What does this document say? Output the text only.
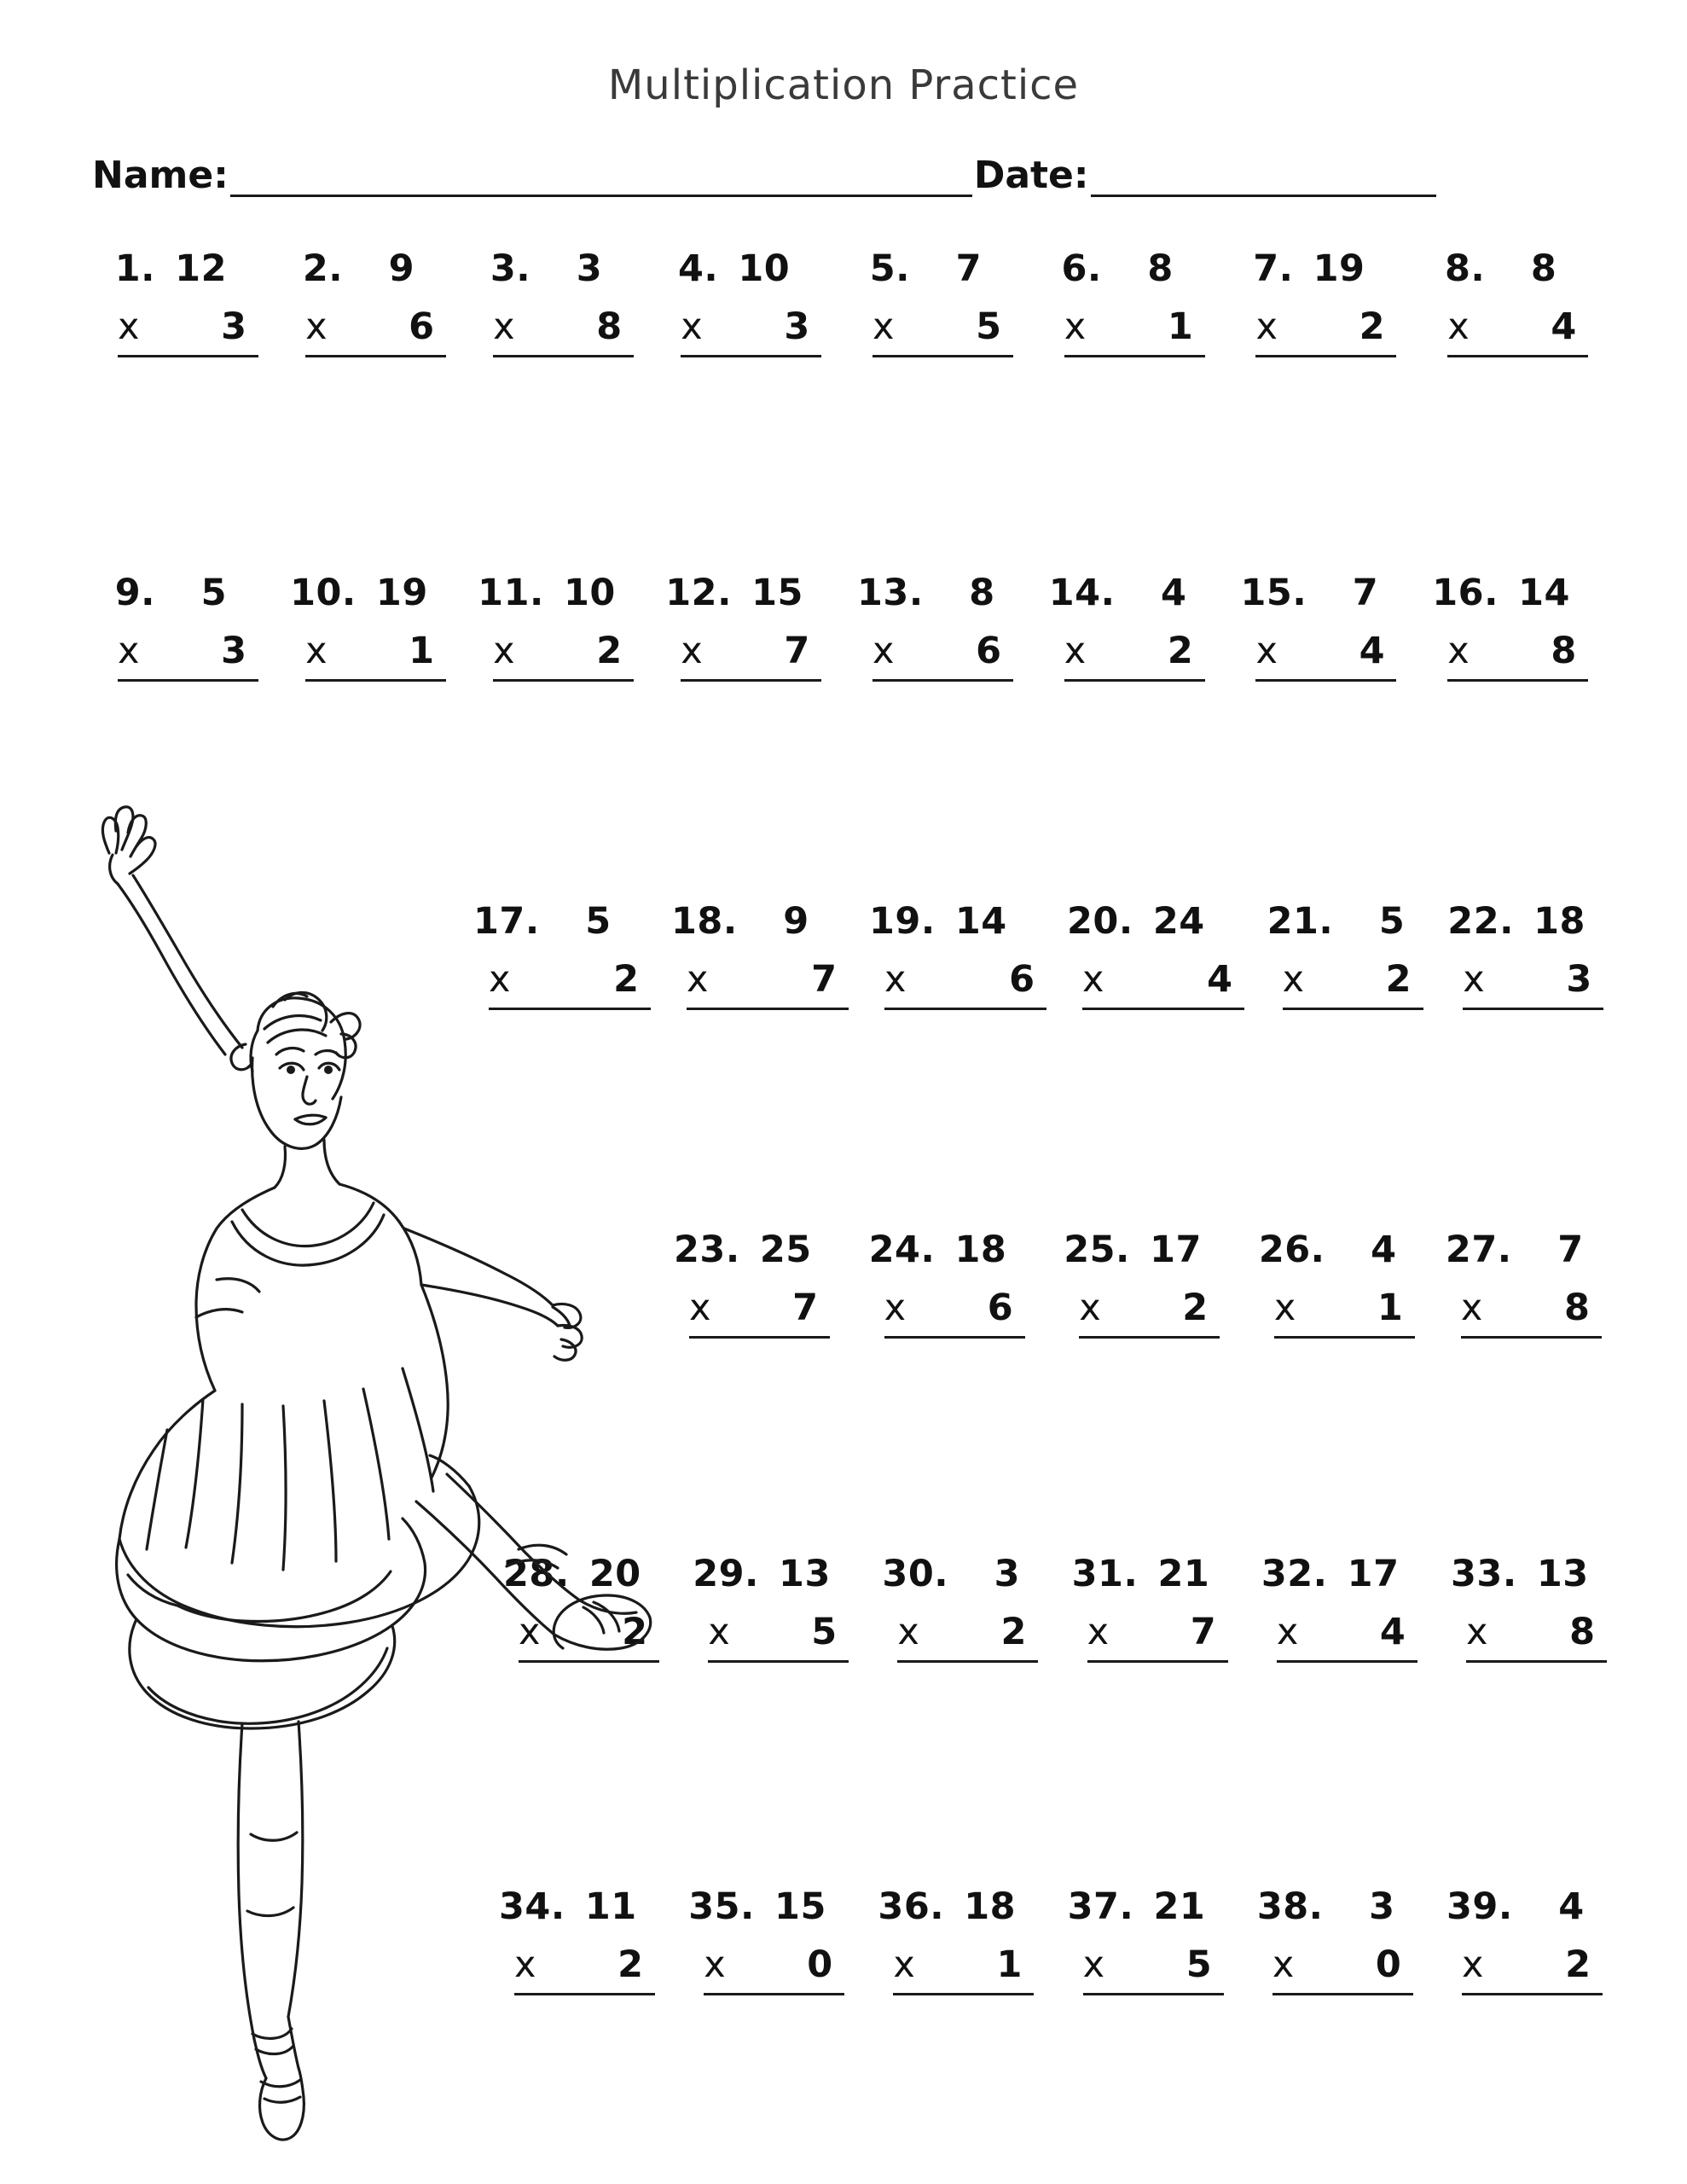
Multiplication Practice
Name:	Date:
1. 12
x	3
2.	9
x	6
3.	3
x	8
4. 10
x	3
5.	7
x	5
6.	8
x	1
7. 19
x	2
8.	8
x	4
9.	5
x	3
10. 19
x	1
11. 10
x	2
12. 15
x	7
13.	8
x	6
14.	4
x	2
15.	7
x	4
16. 14
x	8
17.	5
x	2
18.	9
x	7
19. 14
x	6
20. 24
x	4
21.	5
x	2
22. 18
x	3
23. 25
x	7
24. 18
x	6
25. 17
x	2
26.	4
x	1
27.	7
x	8
28. 20
x	2
29. 13
x	5
30.	3
x	2
31. 21
x	7
32. 17
x	4
33. 13
x	8
34. 11
x	2
35. 15
x	0
36. 18
x	1
37. 21
x	5
38.	3
x	0
39.	4
x	2
